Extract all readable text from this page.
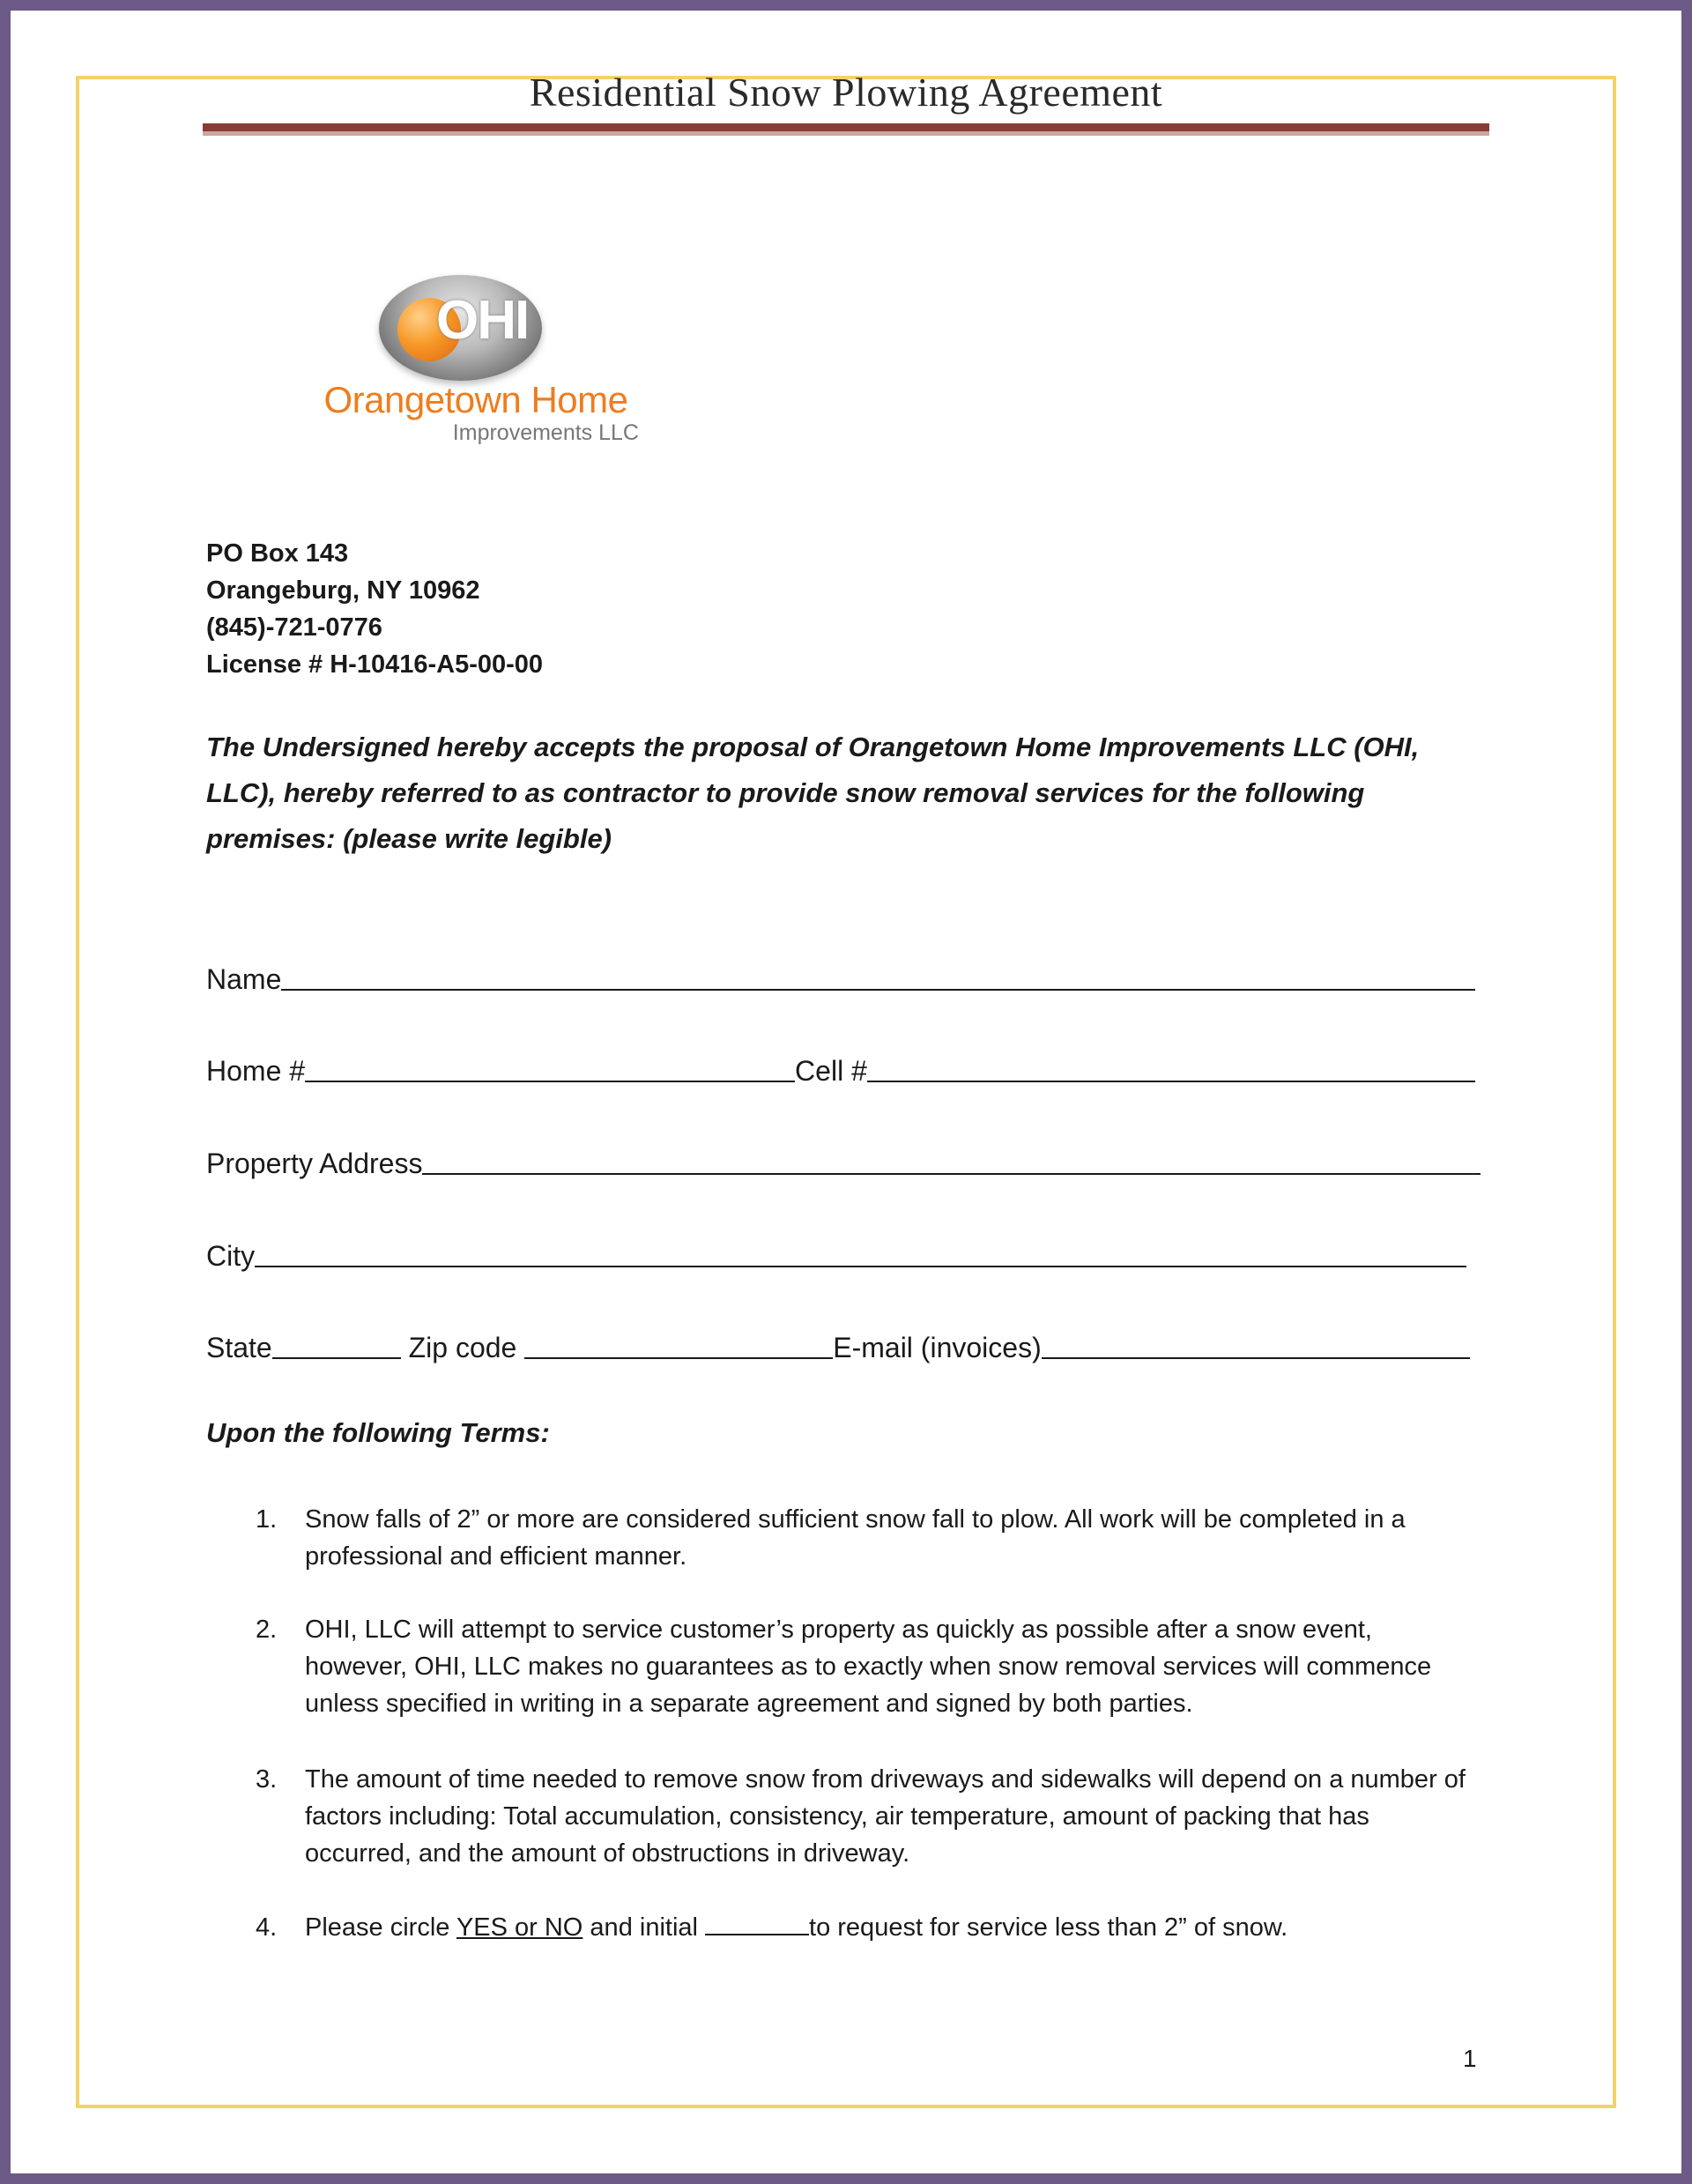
Residential Snow Plowing Agreement
OHI
Orangetown Home
Improvements LLC
PO Box 143
Orangeburg, NY 10962
(845)-721-0776
License # H-10416-A5-00-00
The Undersigned hereby accepts the proposal of Orangetown Home Improvements LLC (OHI, LLC), hereby referred to as contractor to provide snow removal services for the following premises: (please write legible)
Name
Home #	Cell #
Property Address
City
State	Zip code	E-mail (invoices)
Upon the following Terms:
1. Snow falls of 2” or more are considered sufficient snow fall to plow. All work will be completed in a professional and efficient manner.
2. OHI, LLC will attempt to service customer’s property as quickly as possible after a snow event, however, OHI, LLC makes no guarantees as to exactly when snow removal services will commence unless specified in writing in a separate agreement and signed by both parties.
3. The amount of time needed to remove snow from driveways and sidewalks will depend on a number of factors including: Total accumulation, consistency, air temperature, amount of packing that has occurred, and the amount of obstructions in driveway.
4. Please circle YES or NO and initial	to request for service less than 2” of snow.
1
